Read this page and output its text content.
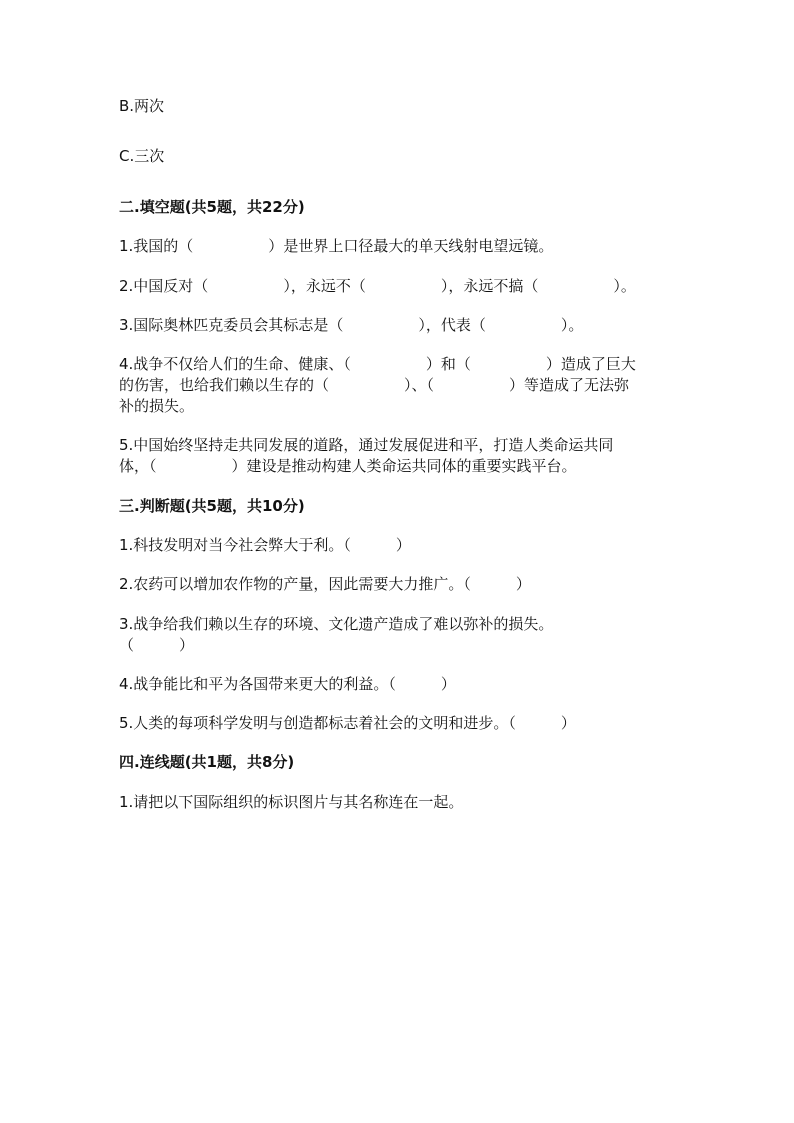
B.两次
C.三次
二.填空题(共5题，共22分)
1.我国的（　　　　　）是世界上口径最大的单天线射电望远镜。
2.中国反对（　　　　　），永远不（　　　　　），永远不搞（　　　　　）。
3.国际奥林匹克委员会其标志是（　　　　　），代表（　　　　　）。
4.战争不仅给人们的生命、健康、（　　　　　）和（　　　　　）造成了巨大
的伤害，也给我们赖以生存的（　　　　　）、（　　　　　）等造成了无法弥
补的损失。
5.中国始终坚持走共同发展的道路，通过发展促进和平，打造人类命运共同
体，（　　　　　）建设是推动构建人类命运共同体的重要实践平台。
三.判断题(共5题，共10分)
1.科技发明对当今社会弊大于利。（　　　）
2.农药可以增加农作物的产量，因此需要大力推广。（　　　）
3.战争给我们赖以生存的环境、文化遗产造成了难以弥补的损失。
（　　　）
4.战争能比和平为各国带来更大的利益。（　　　）
5.人类的每项科学发明与创造都标志着社会的文明和进步。（　　　）
四.连线题(共1题，共8分)
1.请把以下国际组织的标识图片与其名称连在一起。
